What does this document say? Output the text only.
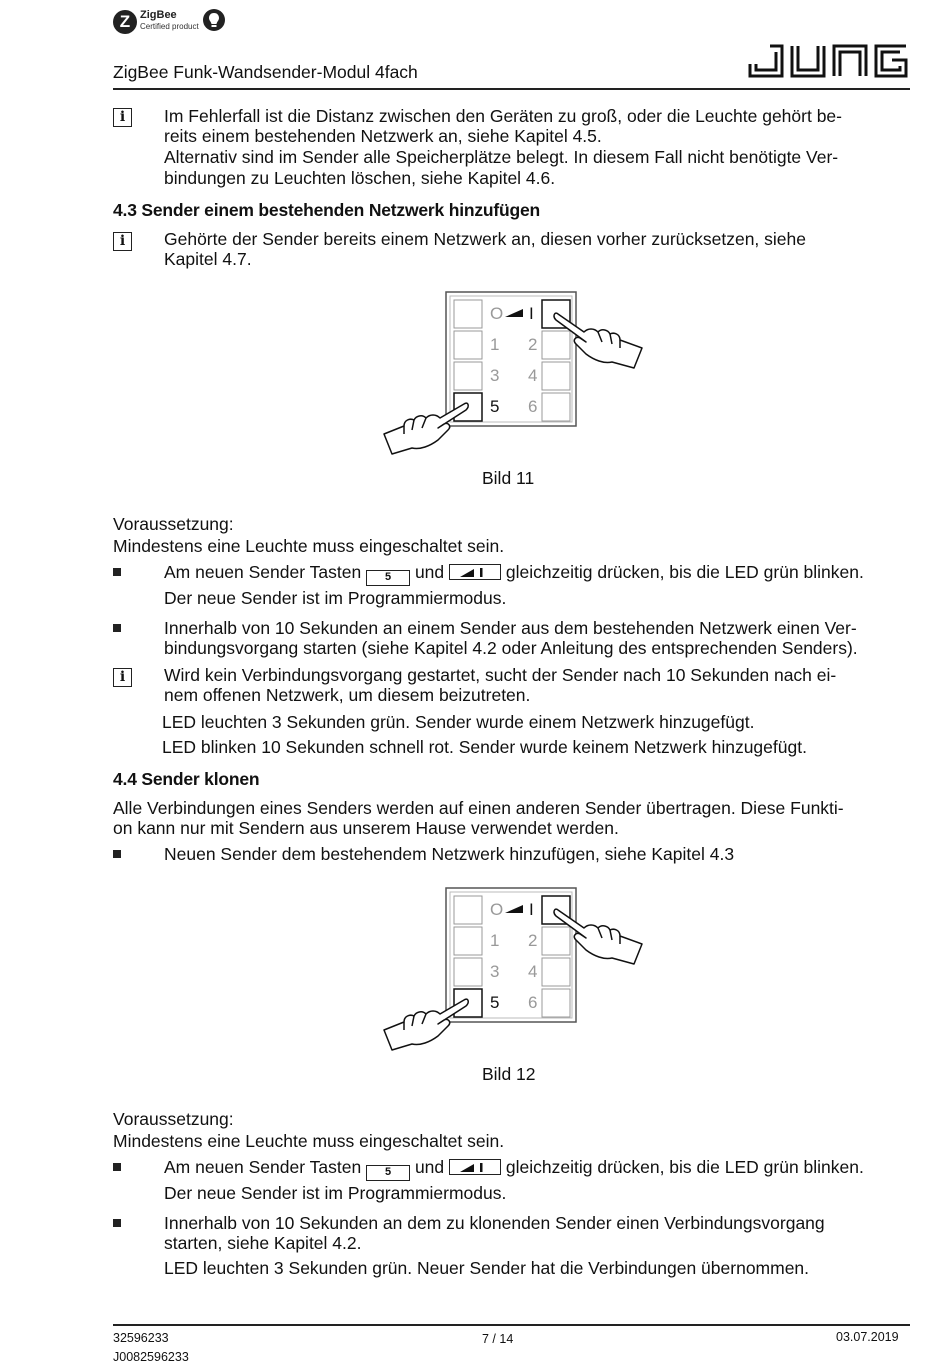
Z ZigBee
Certified product
ZigBee Funk-Wandsender-Modul 4fach
i	Im Fehlerfall ist die Distanz zwischen den Geräten zu groß, oder die Leuchte gehört be-
reits einem bestehenden Netzwerk an, siehe Kapitel 4.5.
Alternativ sind im Sender alle Speicherplätze belegt. In diesem Fall nicht benötigte Ver-
bindungen zu Leuchten löschen, siehe Kapitel 4.6.
4.3 Sender einem bestehenden Netzwerk hinzufügen
i	Gehörte der Sender bereits einem Netzwerk an, diesen vorher zurücksetzen, siehe
Kapitel 4.7.
O I
1 2
3 4
5 6
Bild 11
Voraussetzung:
Mindestens eine Leuchte muss eingeschaltet sein.
Am neuen Sender Tasten 5 und	gleichzeitig drücken, bis die LED grün blinken.
Der neue Sender ist im Programmiermodus.
Innerhalb von 10 Sekunden an einem Sender aus dem bestehenden Netzwerk einen Ver-
bindungsvorgang starten (siehe Kapitel 4.2 oder Anleitung des entsprechenden Senders).
i	Wird kein Verbindungsvorgang gestartet, sucht der Sender nach 10 Sekunden nach ei-
nem offenen Netzwerk, um diesem beizutreten.
LED leuchten 3 Sekunden grün. Sender wurde einem Netzwerk hinzugefügt.
LED blinken 10 Sekunden schnell rot. Sender wurde keinem Netzwerk hinzugefügt.
4.4 Sender klonen
Alle Verbindungen eines Senders werden auf einen anderen Sender übertragen. Diese Funkti-
on kann nur mit Sendern aus unserem Hause verwendet werden.
Neuen Sender dem bestehendem Netzwerk hinzufügen, siehe Kapitel 4.3
O I
1 2
3 4
5 6
Bild 12
Voraussetzung:
Mindestens eine Leuchte muss eingeschaltet sein.
Am neuen Sender Tasten 5 und	gleichzeitig drücken, bis die LED grün blinken.
Der neue Sender ist im Programmiermodus.
Innerhalb von 10 Sekunden an dem zu klonenden Sender einen Verbindungsvorgang
starten, siehe Kapitel 4.2.
LED leuchten 3 Sekunden grün. Neuer Sender hat die Verbindungen übernommen.
32596233
J0082596233
7 / 14	03.07.2019
